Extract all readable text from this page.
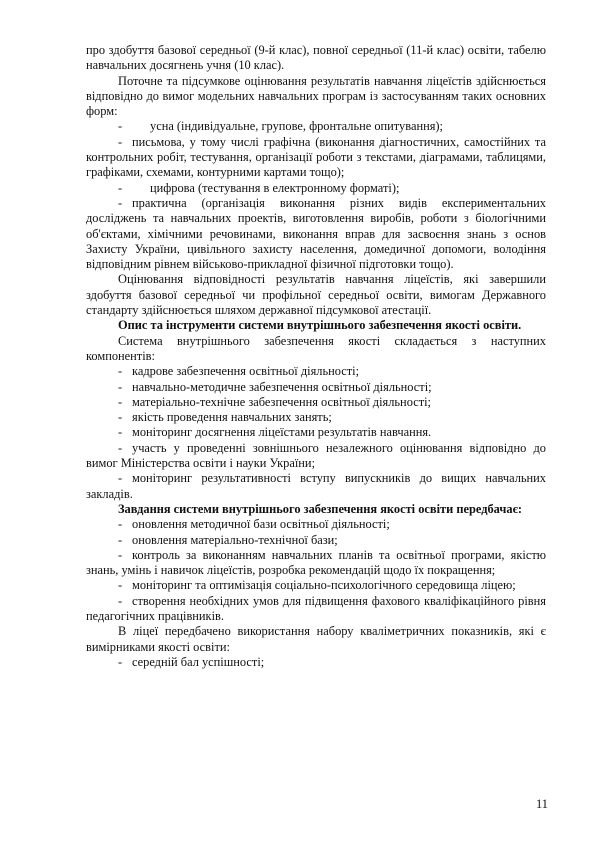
про здобуття базової середньої (9-й клас), повної середньої (11-й клас) освіти, табелю навчальних досягнень учня (10 клас).

Поточне та підсумкове оцінювання результатів навчання ліцеїстів здійснюється відповідно до вимог модельних навчальних програм із застосуванням таких основних форм:

- усна (індивідуальне, групове, фронтальне опитування);

- письмова, у тому числі графічна (виконання діагностичних, самостійних та контрольних робіт, тестування, організації роботи з текстами, діаграмами, таблицями, графіками, схемами, контурними картами тощо);

- цифрова (тестування в електронному форматі);

- практична (організація виконання різних видів експериментальних досліджень та навчальних проектів, виготовлення виробів, роботи з біологічними об'єктами, хімічними речовинами, виконання вправ для засвоєння знань з основ Захисту України, цивільного захисту населення, домедичної допомоги, володіння відповідним рівнем військово-прикладної фізичної підготовки тощо).

Оцінювання відповідності результатів навчання ліцеїстів, які завершили здобуття базової середньої чи профільної середньої освіти, вимогам Державного стандарту здійснюється шляхом державної підсумкової атестації.

Опис та інструменти системи внутрішнього забезпечення якості освіти.

Система внутрішнього забезпечення якості складається з наступних компонентів:

- кадрове забезпечення освітньої діяльності;

- навчально-методичне забезпечення освітньої діяльності;

- матеріально-технічне забезпечення освітньої діяльності;

- якість проведення навчальних занять;

- моніторинг досягнення ліцеїстами результатів навчання.

- участь у проведенні зовнішнього незалежного оцінювання відповідно до вимог Міністерства освіти і науки України;

- моніторинг результативності вступу випускників до вищих навчальних закладів.

Завдання системи внутрішнього забезпечення якості освіти передбачає:

- оновлення методичної бази освітньої діяльності;

- оновлення матеріально-технічної бази;

- контроль за виконанням навчальних планів та освітньої програми, якістю знань, умінь і навичок ліцеїстів, розробка рекомендацій щодо їх покращення;

- моніторинг та оптимізація соціально-психологічного середовища ліцею;

- створення необхідних умов для підвищення фахового кваліфікаційного рівня педагогічних працівників.

В ліцеї передбачено використання набору кваліметричних показників, які є вимірниками якості освіти:

- середній бал успішності;

11
